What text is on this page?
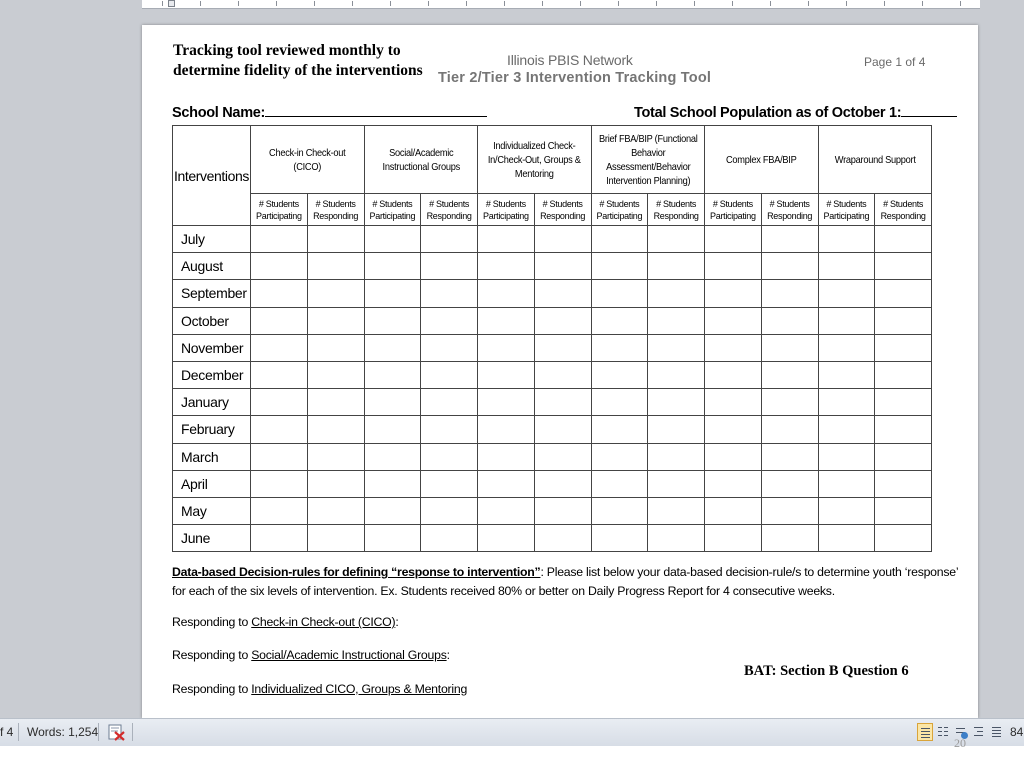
Tracking tool reviewed monthly to determine fidelity of the interventions
Illinois PBIS Network
Tier 2/Tier 3 Intervention Tracking Tool
Page 1 of 4
School Name:	Total School Population as of October 1:
Interventions	Check-in Check-out (CICO)		Social/Academic Instructional Groups		Individualized Check-In/Check-Out, Groups & Mentoring		Brief FBA/BIP (Functional Behavior Assessment/Behavior Intervention Planning)		Complex FBA/BIP		Wraparound Support	

	# Students Participating	# Students Responding	# Students Participating	# Students Responding	# Students Participating	# Students Responding	# Students Participating	# Students Responding	# Students Participating	# Students Responding	# Students Participating	# Students Responding
July												
August												
September												
October												
November												
December												
January												
February												
March												
April												
May												
June												
Data-based Decision-rules for defining “response to intervention”: Please list below your data-based decision-rule/s to determine youth ‘response’ for each of the six levels of intervention. Ex. Students received 80% or better on Daily Progress Report for 4 consecutive weeks.
Responding to Check-in Check-out (CICO):
Responding to Social/Academic Instructional Groups:
Responding to Individualized CICO, Groups & Mentoring
BAT: Section B Question 6
f 4 Words: 1,254	84
20
